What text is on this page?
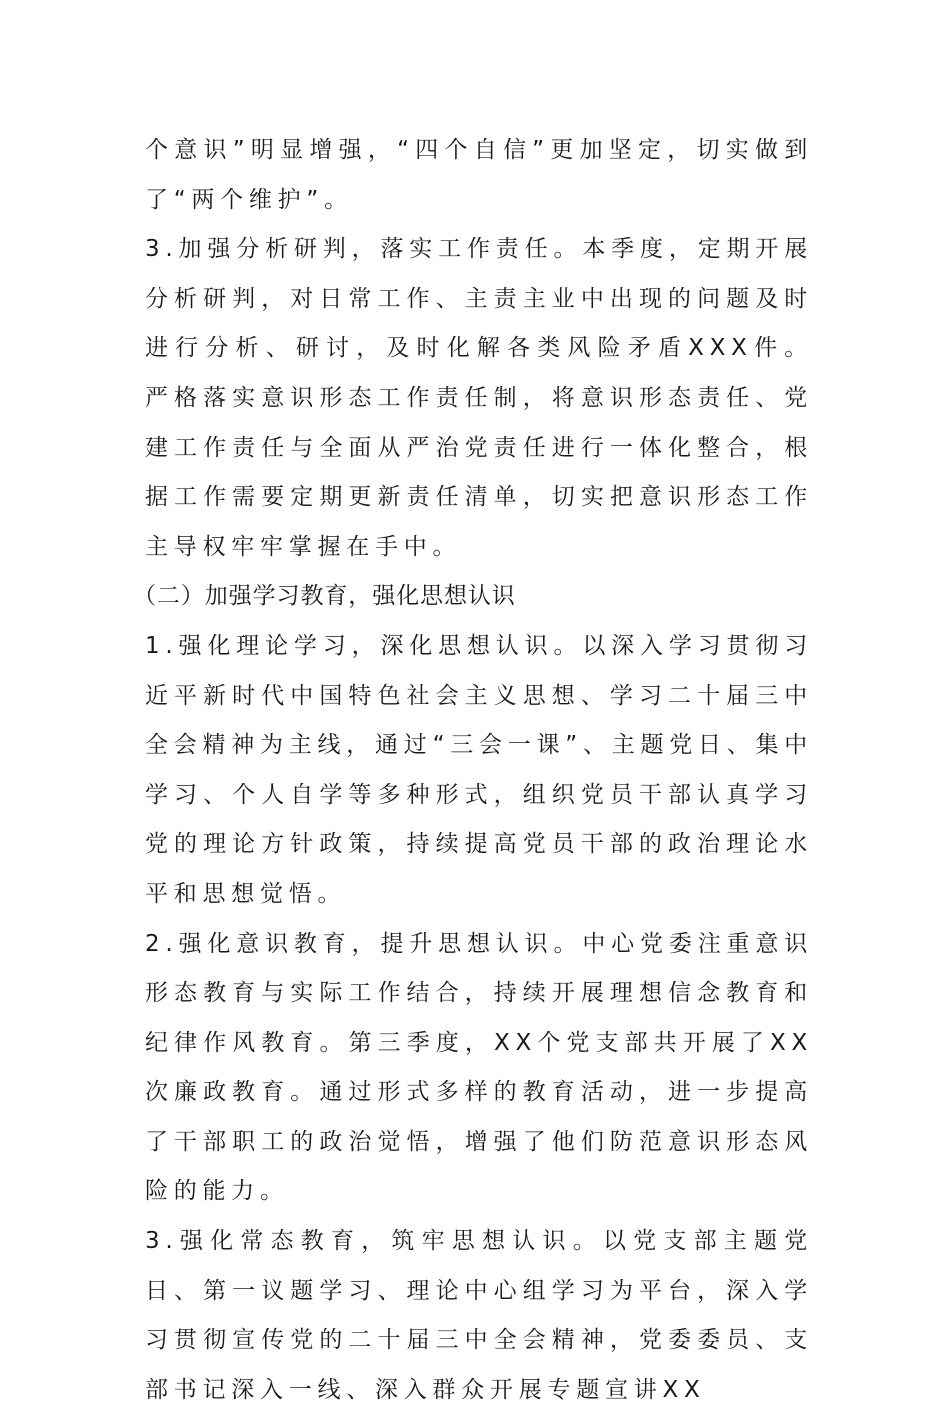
个意识”明显增强，“四个自信”更加坚定，切实做到了“两个维护”。

3.加强分析研判，落实工作责任。本季度，定期开展分析研判，对日常工作、主责主业中出现的问题及时进行分析、研讨，及时化解各类风险矛盾XXX件。严格落实意识形态工作责任制，将意识形态责任、党建工作责任与全面从严治党责任进行一体化整合，根据工作需要定期更新责任清单，切实把意识形态工作主导权牢牢掌握在手中。

（二）加强学习教育，强化思想认识

1.强化理论学习，深化思想认识。以深入学习贯彻习近平新时代中国特色社会主义思想、学习二十届三中全会精神为主线，通过“三会一课”、主题党日、集中学习、个人自学等多种形式，组织党员干部认真学习党的理论方针政策，持续提高党员干部的政治理论水平和思想觉悟。

2.强化意识教育，提升思想认识。中心党委注重意识形态教育与实际工作结合，持续开展理想信念教育和纪律作风教育。第三季度，XX个党支部共开展了XX次廉政教育。通过形式多样的教育活动，进一步提高了干部职工的政治觉悟，增强了他们防范意识形态风险的能力。

3.强化常态教育，筑牢思想认识。以党支部主题党日、第一议题学习、理论中心组学习为平台，深入学习贯彻宣传党的二十届三中全会精神，党委委员、支部书记深入一线、深入群众开展专题宣讲XX
